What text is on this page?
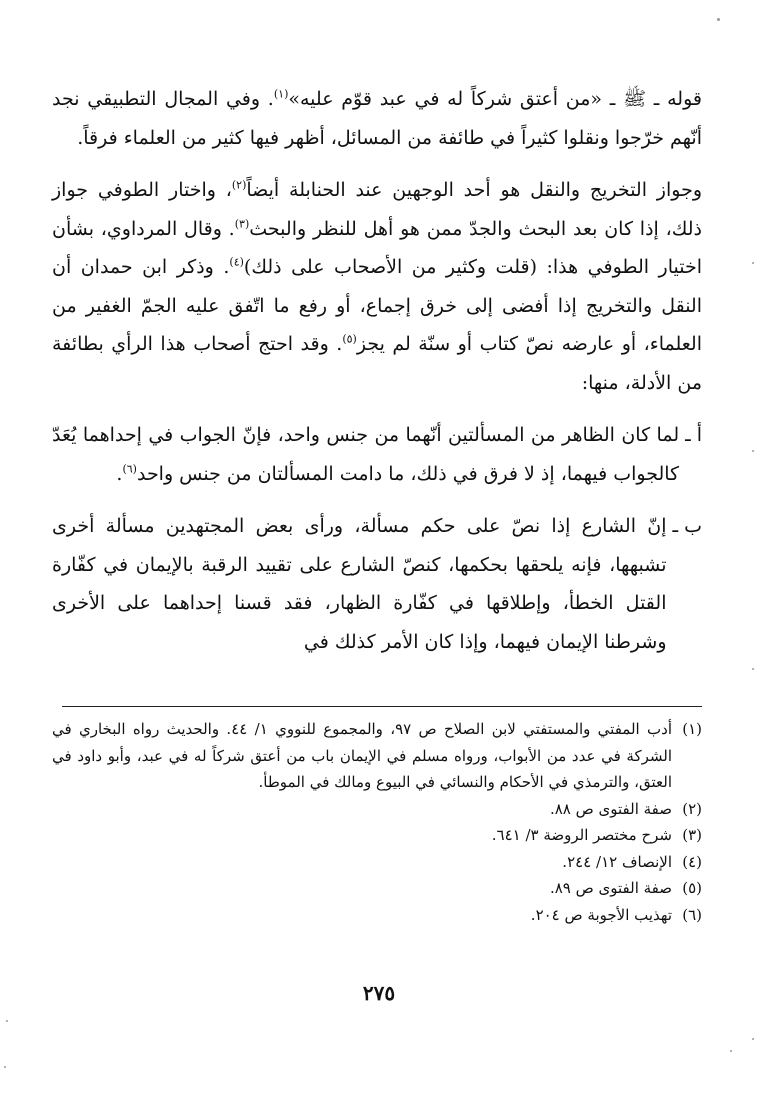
قوله ـ ﷺ ـ «من أعتق شركاً له في عبد قوّم عليه»$^{(١)}$. وفي المجال التطبيقي نجد أنّهم خرّجوا ونقلوا كثيراً في طائفة من المسائل، أظهر فيها كثير من العلماء فرقاً.

وجواز التخريج والنقل هو أحد الوجهين عند الحنابلة أيضاً$^{(٢)}$، واختار الطوفي جواز ذلك، إذا كان بعد البحث والجدّ ممن هو أهل للنظر والبحث$^{(٣)}$. وقال المرداوي، بشأن اختيار الطوفي هذا: (قلت وكثير من الأصحاب على ذلك)$^{(٤)}$. وذكر ابن حمدان أن النقل والتخريج إذا أفضى إلى خرق إجماع، أو رفع ما اتّفق عليه الجمّ الغفير من العلماء، أو عارضه نصّ كتاب أو سنّة لم يجز$^{(٥)}$. وقد احتج أصحاب هذا الرأي بطائفة من الأدلة، منها:

أ ـ
لما كان الظاهر من المسألتين أنّهما من جنس واحد، فإنّ الجواب في إحداهما يُعَدّ كالجواب فيهما، إذ لا فرق في ذلك، ما دامت المسألتان من جنس واحد$^{(٦)}$.
ب ـ
إنّ الشارع إذا نصّ على حكم مسألة، ورأى بعض المجتهدين مسألة أخرى تشبهها، فإنه يلحقها بحكمها، كنصّ الشارع على تقييد الرقبة بالإيمان في كفّارة القتل الخطأ، وإطلاقها في كفّارة الظهار، فقد قسنا إحداهما على الأخرى وشرطنا الإيمان فيهما، وإذا كان الأمر كذلك في
(١)
أدب المفتي والمستفتي لابن الصلاح ص ٩٧، والمجموع للنووي ١/ ٤٤. والحديث رواه البخاري في الشركة في عدد من الأبواب، ورواه مسلم في الإيمان باب من أعتق شركاً له في عبد، وأبو داود في العتق، والترمذي في الأحكام والنسائي في البيوع ومالك في الموطأ.
(٢)
صفة الفتوى ص ٨٨.
(٣)
شرح مختصر الروضة ٣/ ٦٤١.
(٤)
الإنصاف ١٢/ ٢٤٤.
(٥)
صفة الفتوى ص ٨٩.
(٦)
تهذيب الأجوبة ص ٢٠٤.
٢٧٥
